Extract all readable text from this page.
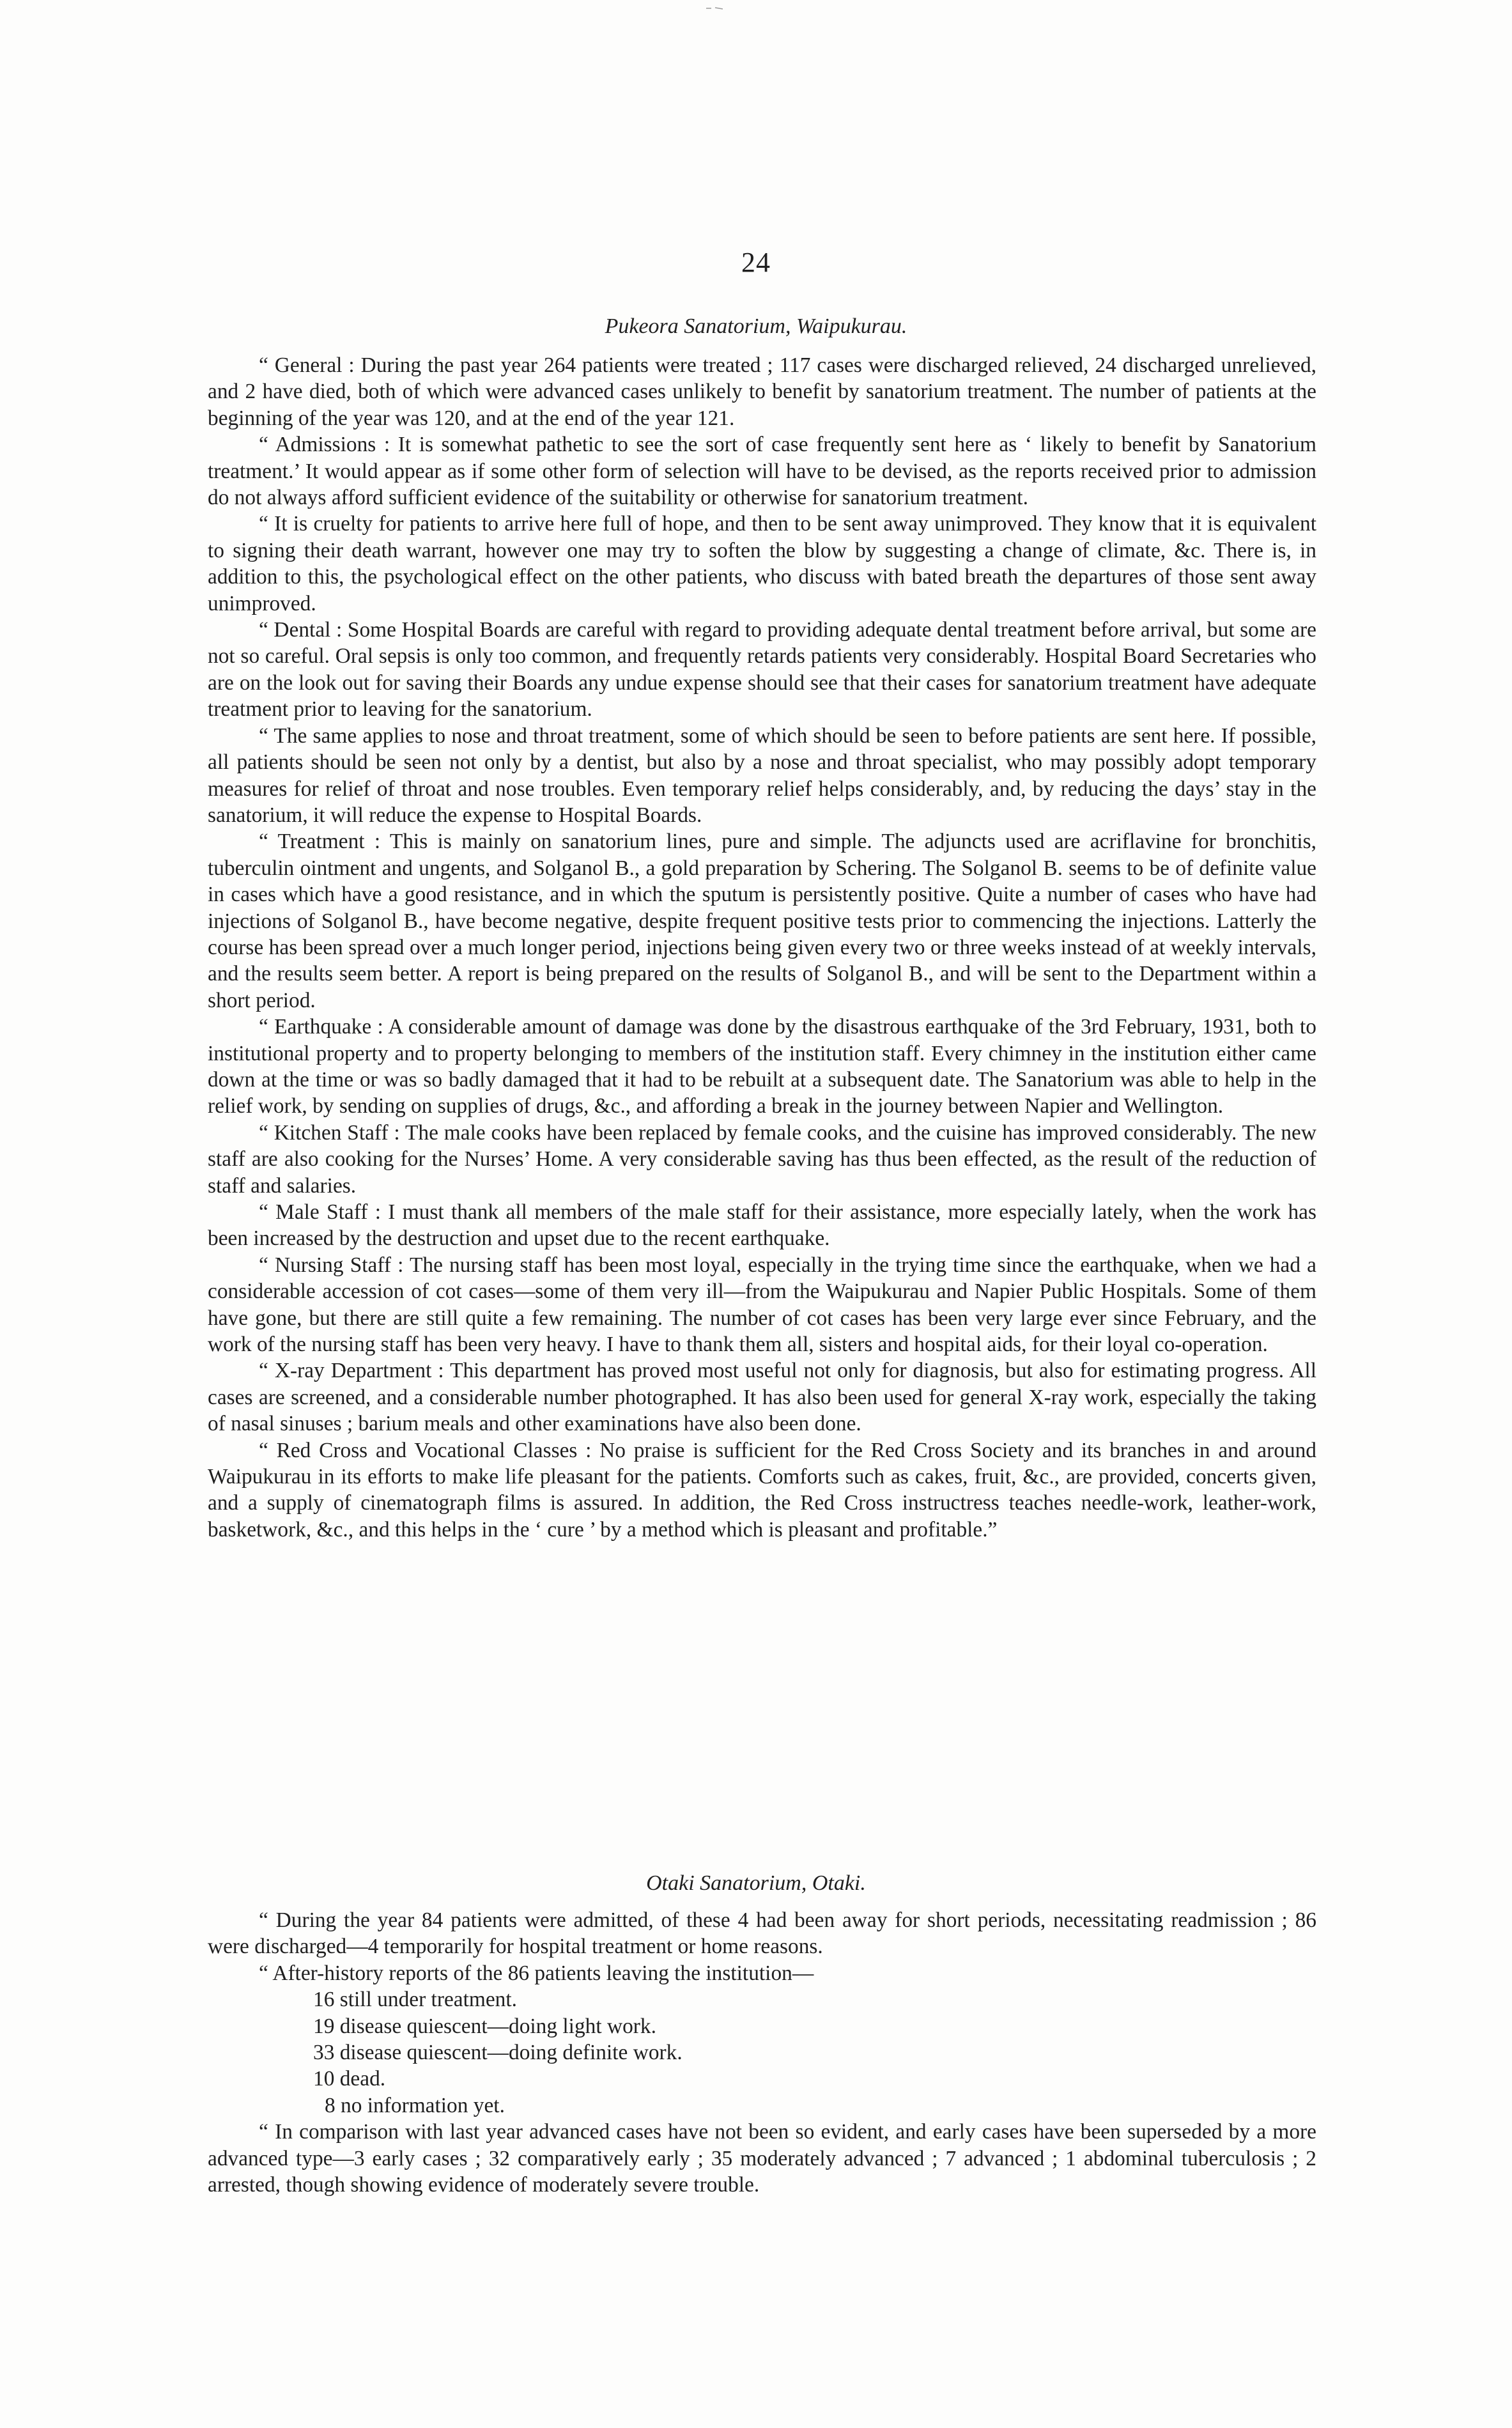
24
Pukeora Sanatorium, Waipukurau.

“ General : During the past year 264 patients were treated ; 117 cases were discharged relieved, 24 discharged unrelieved, and 2 have died, both of which were advanced cases unlikely to benefit by sanatorium treatment. The number of patients at the beginning of the year was 120, and at the end of the year 121.

“ Admissions : It is somewhat pathetic to see the sort of case frequently sent here as ‘ likely to benefit by Sanatorium treatment.’ It would appear as if some other form of selection will have to be devised, as the reports received prior to admission do not always afford sufficient evidence of the suitability or otherwise for sanatorium treatment.

“ It is cruelty for patients to arrive here full of hope, and then to be sent away unimproved. They know that it is equivalent to signing their death warrant, however one may try to soften the blow by suggesting a change of climate, &c. There is, in addition to this, the psychological effect on the other patients, who discuss with bated breath the departures of those sent away unimproved.

“ Dental : Some Hospital Boards are careful with regard to providing adequate dental treatment before arrival, but some are not so careful. Oral sepsis is only too common, and frequently retards patients very considerably. Hospital Board Secretaries who are on the look out for saving their Boards any undue expense should see that their cases for sanatorium treatment have adequate treatment prior to leaving for the sanatorium.

“ The same applies to nose and throat treatment, some of which should be seen to before patients are sent here. If possible, all patients should be seen not only by a dentist, but also by a nose and throat specialist, who may possibly adopt temporary measures for relief of throat and nose troubles. Even temporary relief helps considerably, and, by reducing the days’ stay in the sanatorium, it will reduce the expense to Hospital Boards.

“ Treatment : This is mainly on sanatorium lines, pure and simple. The adjuncts used are acriflavine for bronchitis, tuberculin ointment and ungents, and Solganol B., a gold preparation by Schering. The Solganol B. seems to be of definite value in cases which have a good resistance, and in which the sputum is persistently positive. Quite a number of cases who have had injections of Solganol B., have become negative, despite frequent positive tests prior to commencing the injections. Latterly the course has been spread over a much longer period, injections being given every two or three weeks instead of at weekly intervals, and the results seem better. A report is being prepared on the results of Solganol B., and will be sent to the Department within a short period.

“ Earthquake : A considerable amount of damage was done by the disastrous earthquake of the 3rd February, 1931, both to institutional property and to property belonging to members of the institution staff. Every chimney in the institution either came down at the time or was so badly damaged that it had to be rebuilt at a subsequent date. The Sanatorium was able to help in the relief work, by sending on supplies of drugs, &c., and affording a break in the journey between Napier and Wellington.

“ Kitchen Staff : The male cooks have been replaced by female cooks, and the cuisine has improved considerably. The new staff are also cooking for the Nurses’ Home. A very considerable saving has thus been effected, as the result of the reduction of staff and salaries.

“ Male Staff : I must thank all members of the male staff for their assistance, more especially lately, when the work has been increased by the destruction and upset due to the recent earthquake.

“ Nursing Staff : The nursing staff has been most loyal, especially in the trying time since the earthquake, when we had a considerable accession of cot cases—some of them very ill—from the Waipukurau and Napier Public Hospitals. Some of them have gone, but there are still quite a few remaining. The number of cot cases has been very large ever since February, and the work of the nursing staff has been very heavy. I have to thank them all, sisters and hospital aids, for their loyal co-operation.

“ X-ray Department : This department has proved most useful not only for diagnosis, but also for estimating progress. All cases are screened, and a considerable number photographed. It has also been used for general X-ray work, especially the taking of nasal sinuses ; barium meals and other examinations have also been done.

“ Red Cross and Vocational Classes : No praise is sufficient for the Red Cross Society and its branches in and around Waipukurau in its efforts to make life pleasant for the patients. Comforts such as cakes, fruit, &c., are provided, concerts given, and a supply of cinematograph films is assured. In addition, the Red Cross instructress teaches needle-work, leather-work, basketwork, &c., and this helps in the ‘ cure ’ by a method which is pleasant and profitable.”

Otaki Sanatorium, Otaki.

“ During the year 84 patients were admitted, of these 4 had been away for short periods, necessitating readmission ; 86 were discharged—4 temporarily for hospital treatment or home reasons.

“ After-history reports of the 86 patients leaving the institution—

16 still under treatment.
19 disease quiescent—doing light work.
33 disease quiescent—doing definite work.
10 dead.
8 no information yet.

“ In comparison with last year advanced cases have not been so evident, and early cases have been superseded by a more advanced type—3 early cases ; 32 comparatively early ; 35 moderately advanced ; 7 advanced ; 1 abdominal tuberculosis ; 2 arrested, though showing evidence of moderately severe trouble.
